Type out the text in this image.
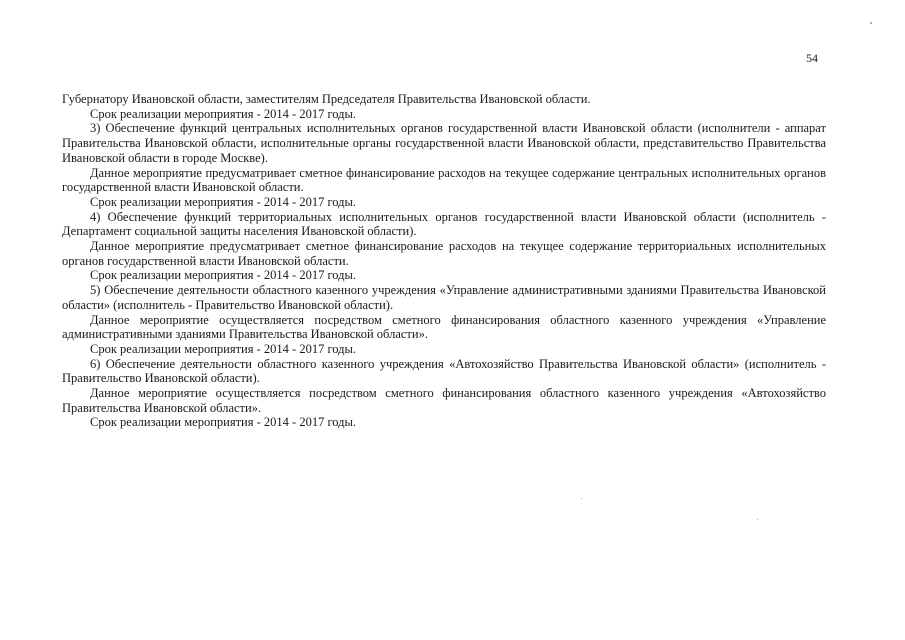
54

Губернатору Ивановской области, заместителям Председателя Правительства Ивановской области.

Срок реализации мероприятия - 2014 - 2017 годы.

3) Обеспечение функций центральных исполнительных органов государственной власти Ивановской области (исполнители - аппарат Правительства Ивановской области, исполнительные органы государственной власти Ивановской области, представительство Правительства Ивановской области в городе Москве).

Данное мероприятие предусматривает сметное финансирование расходов на текущее содержание центральных исполнительных органов государственной власти Ивановской области.

Срок реализации мероприятия - 2014 - 2017 годы.

4) Обеспечение функций территориальных исполнительных органов государственной власти Ивановской области (исполнитель - Департамент социальной защиты населения Ивановской области).

Данное мероприятие предусматривает сметное финансирование расходов на текущее содержание территориальных исполнительных органов государственной власти Ивановской области.

Срок реализации мероприятия - 2014 - 2017 годы.

5) Обеспечение деятельности областного казенного учреждения «Управление административными зданиями Правительства Ивановской области» (исполнитель - Правительство Ивановской области).

Данное мероприятие осуществляется посредством сметного финансирования областного казенного учреждения «Управление административными зданиями Правительства Ивановской области».

Срок реализации мероприятия - 2014 - 2017 годы.

6) Обеспечение деятельности областного казенного учреждения «Автохозяйство Правительства Ивановской области» (исполнитель - Правительство Ивановской области).

Данное мероприятие осуществляется посредством сметного финансирования областного казенного учреждения «Автохозяйство Правительства Ивановской области».

Срок реализации мероприятия - 2014 - 2017 годы.
